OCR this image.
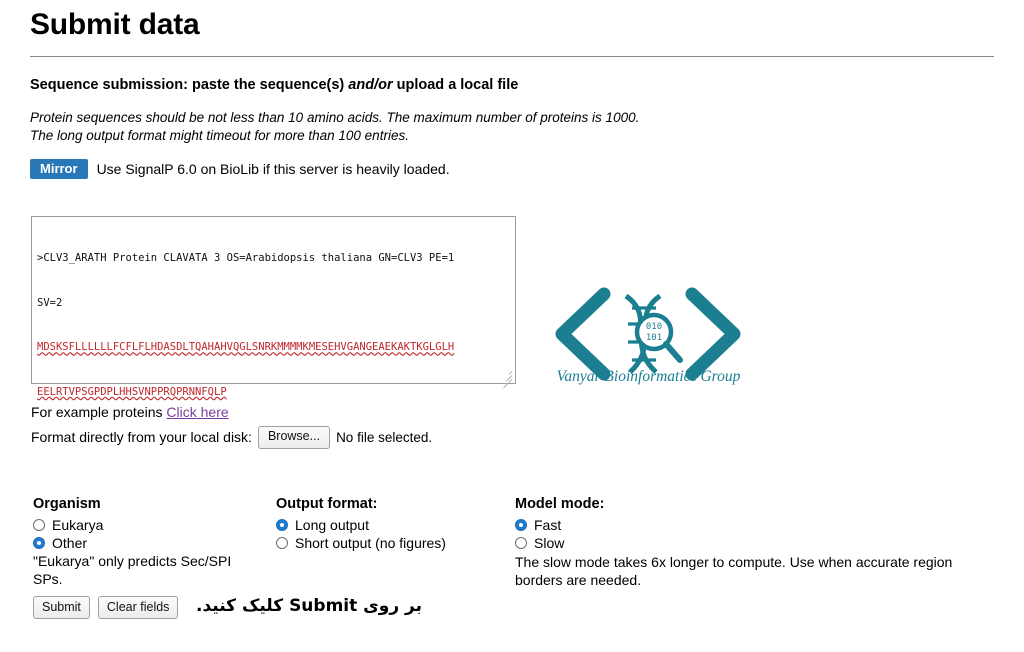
Submit data
Sequence submission: paste the sequence(s) and/or upload a local file
Protein sequences should be not less than 10 amino acids. The maximum number of proteins is 1000.
The long output format might timeout for more than 100 entries.
Mirror	Use SignalP 6.0 on BioLib if this server is heavily loaded.

>CLV3_ARATH Protein CLAVATA 3 OS=Arabidopsis thaliana GN=CLV3 PE=1

SV=2

MDSKSFLLLLLLFCFLFLHDASDLTQAHAHVQGLSNRKMMMMKMESEHVGANGEAEKAKTKGLGLH

EELRTVPSGPDPLHHSVNPPRQPRNNFQLP

010
101
Vanyar Bioinformatics Group
For example proteins Click here
Format directly from your local disk:	Browse...	No file selected.
Organism
Eukarya
Other
"Eukarya" only predicts Sec/SPI SPs.
Output format:
Long output
Short output (no figures)
Model mode:
Fast
Slow
The slow mode takes 6x longer to compute. Use when accurate region borders are needed.
Submit	Clear fields	بر روی Submit کلیک کنید.
